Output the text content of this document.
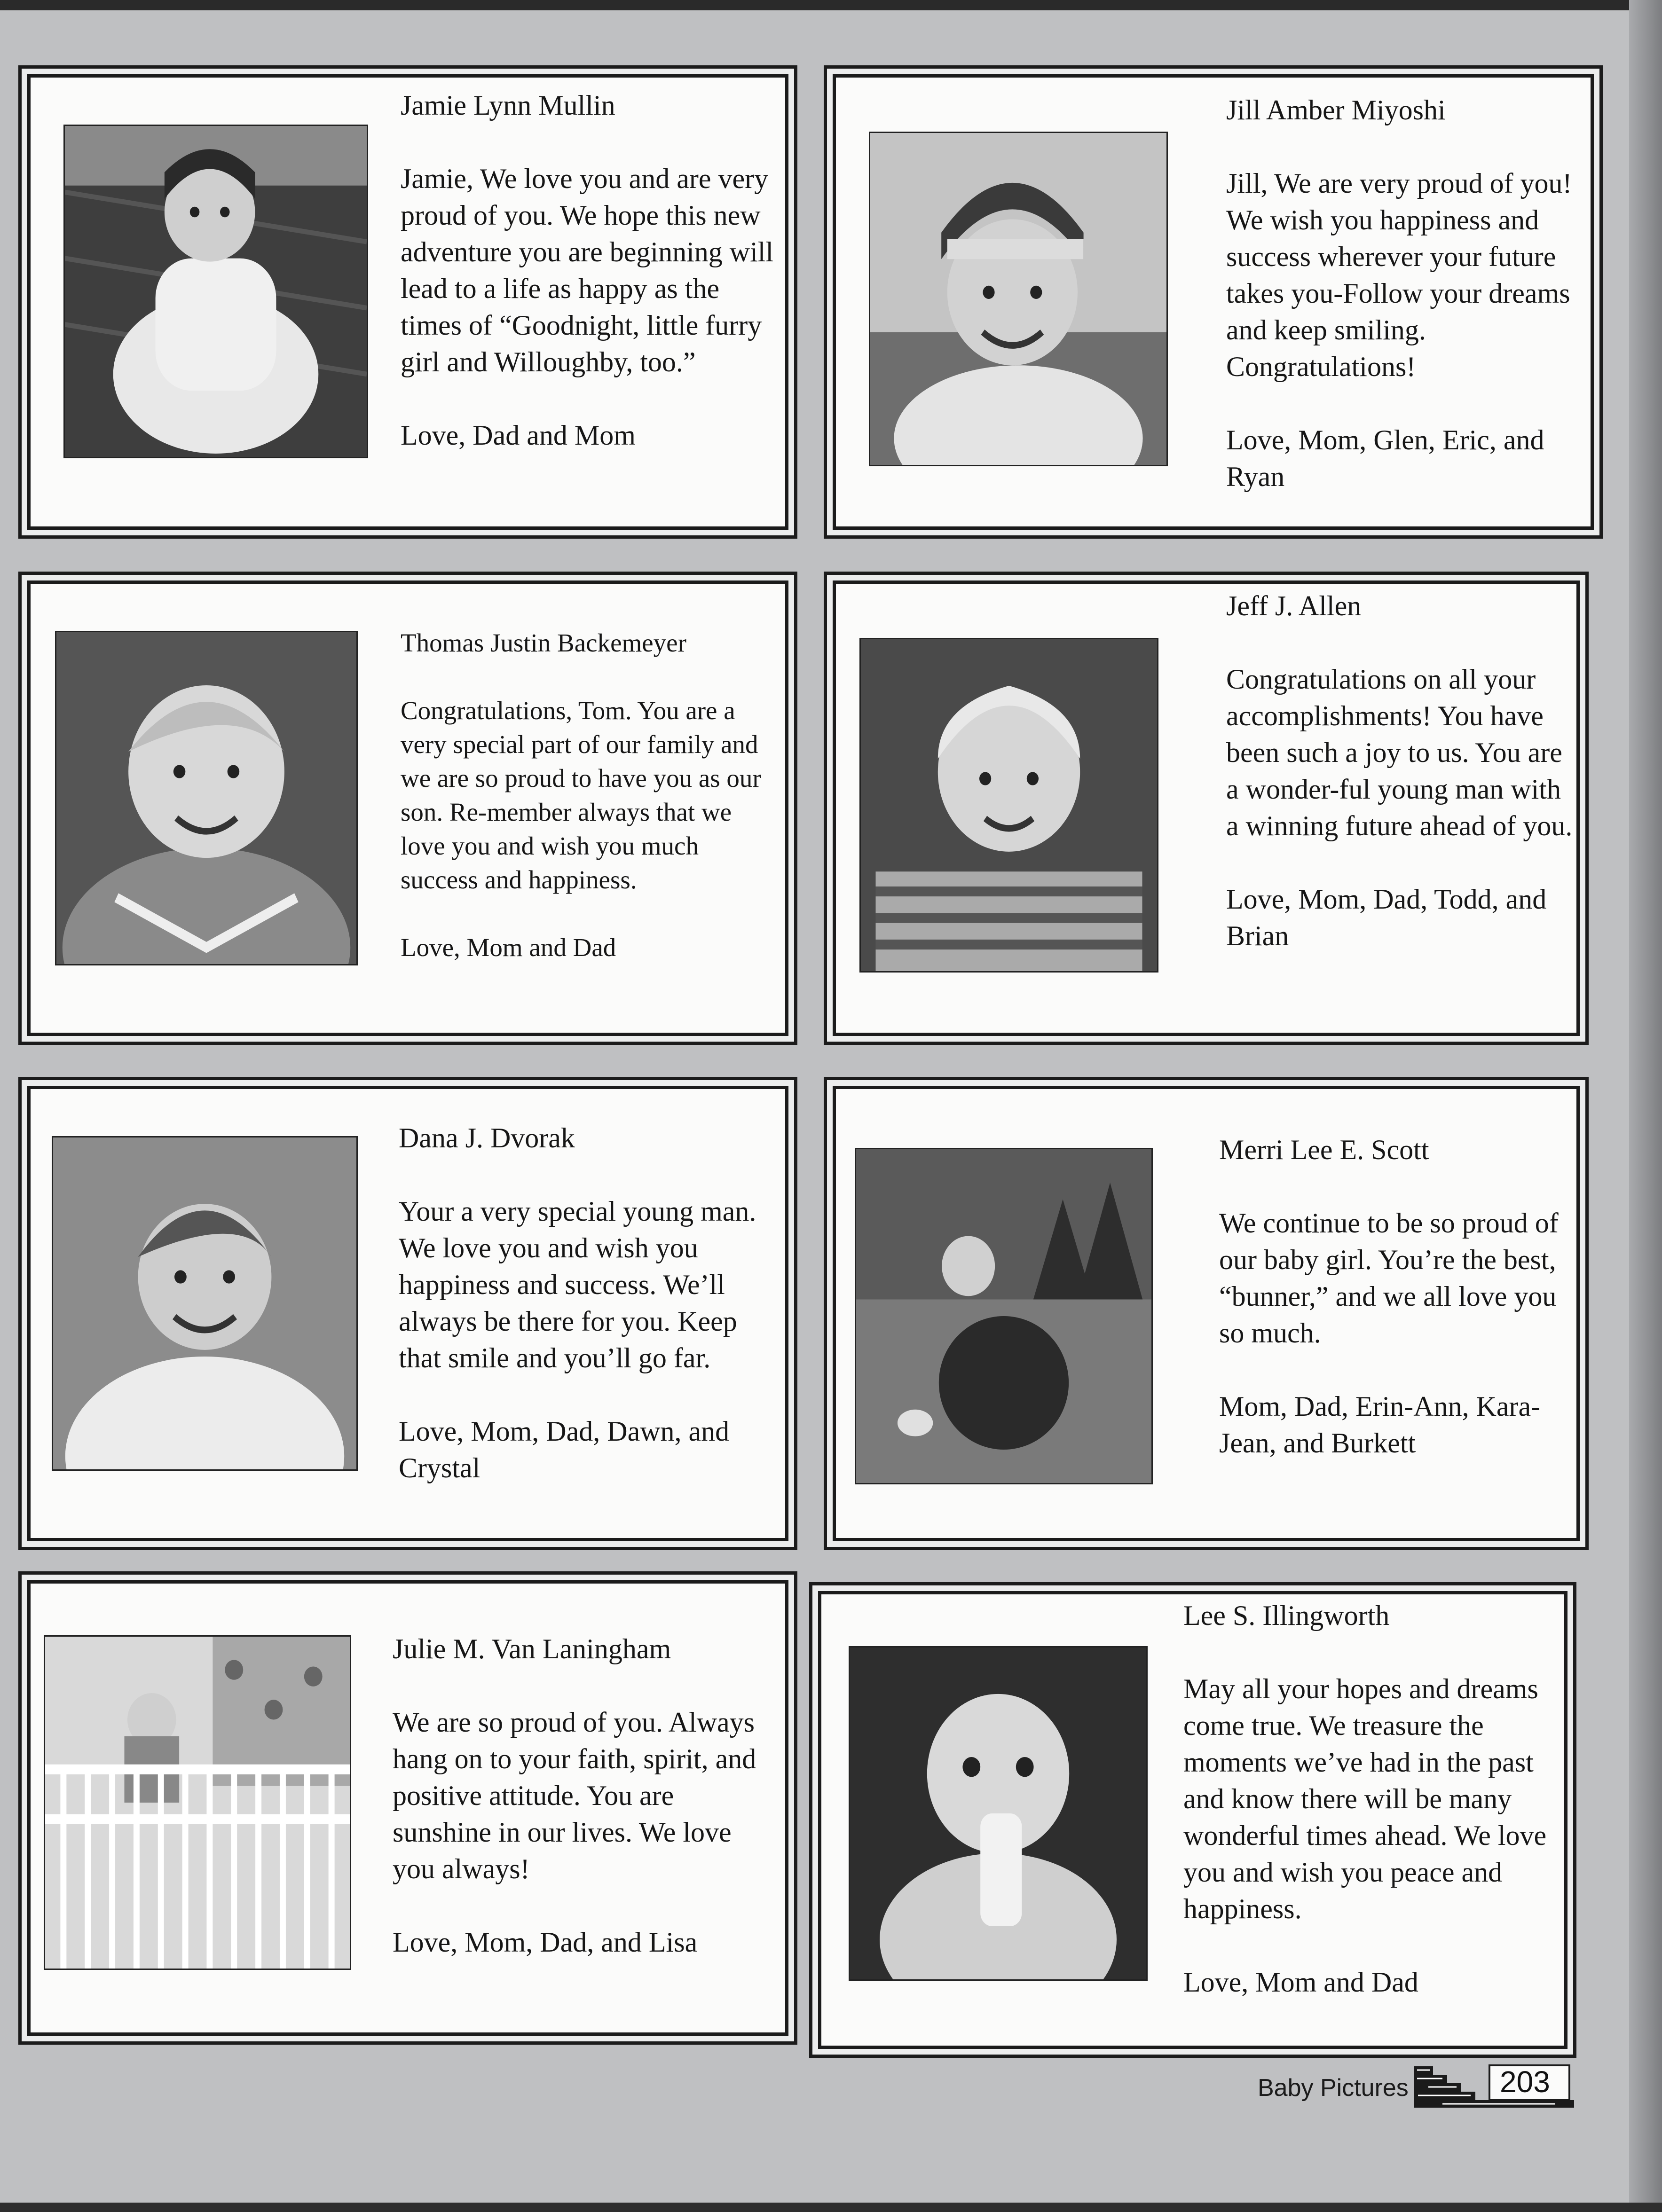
Jamie Lynn Mullin

Jamie, We love you and are very proud of you. We hope this new adventure you are beginning will lead to a life as happy as the times of “Goodnight, little furry girl and Willoughby, too.”

Love, Dad and Mom
Jill Amber Miyoshi

Jill, We are very proud of you! We wish you happiness and success wherever your future takes you-Follow your dreams and keep smiling. Congratulations!

Love, Mom, Glen, Eric, and Ryan
Thomas Justin Backemeyer

Congratulations, Tom. You are a very special part of our family and we are so proud to have you as our son. Re-member always that we love you and wish you much success and happiness.

Love, Mom and Dad
Jeff J. Allen

Congratulations on all your accomplishments! You have been such a joy to us. You are a wonder-ful young man with a winning future ahead of you.

Love, Mom, Dad, Todd, and Brian
Dana J. Dvorak

Your a very special young man. We love you and wish you happiness and success. We’ll always be there for you. Keep that smile and you’ll go far.

Love, Mom, Dad, Dawn, and Crystal
Merri Lee E. Scott

We continue to be so proud of our baby girl. You’re the best, “bunner,” and we all love you so much.

Mom, Dad, Erin-Ann, Kara-Jean, and Burkett
Julie M. Van Laningham

We are so proud of you. Always hang on to your faith, spirit, and positive attitude. You are sunshine in our lives. We love you always!

Love, Mom, Dad, and Lisa
Lee S. Illingworth

May all your hopes and dreams come true. We treasure the moments we’ve had in the past and know there will be many wonderful times ahead. We love you and wish you peace and happiness.

Love, Mom and Dad
Baby Pictures	203
